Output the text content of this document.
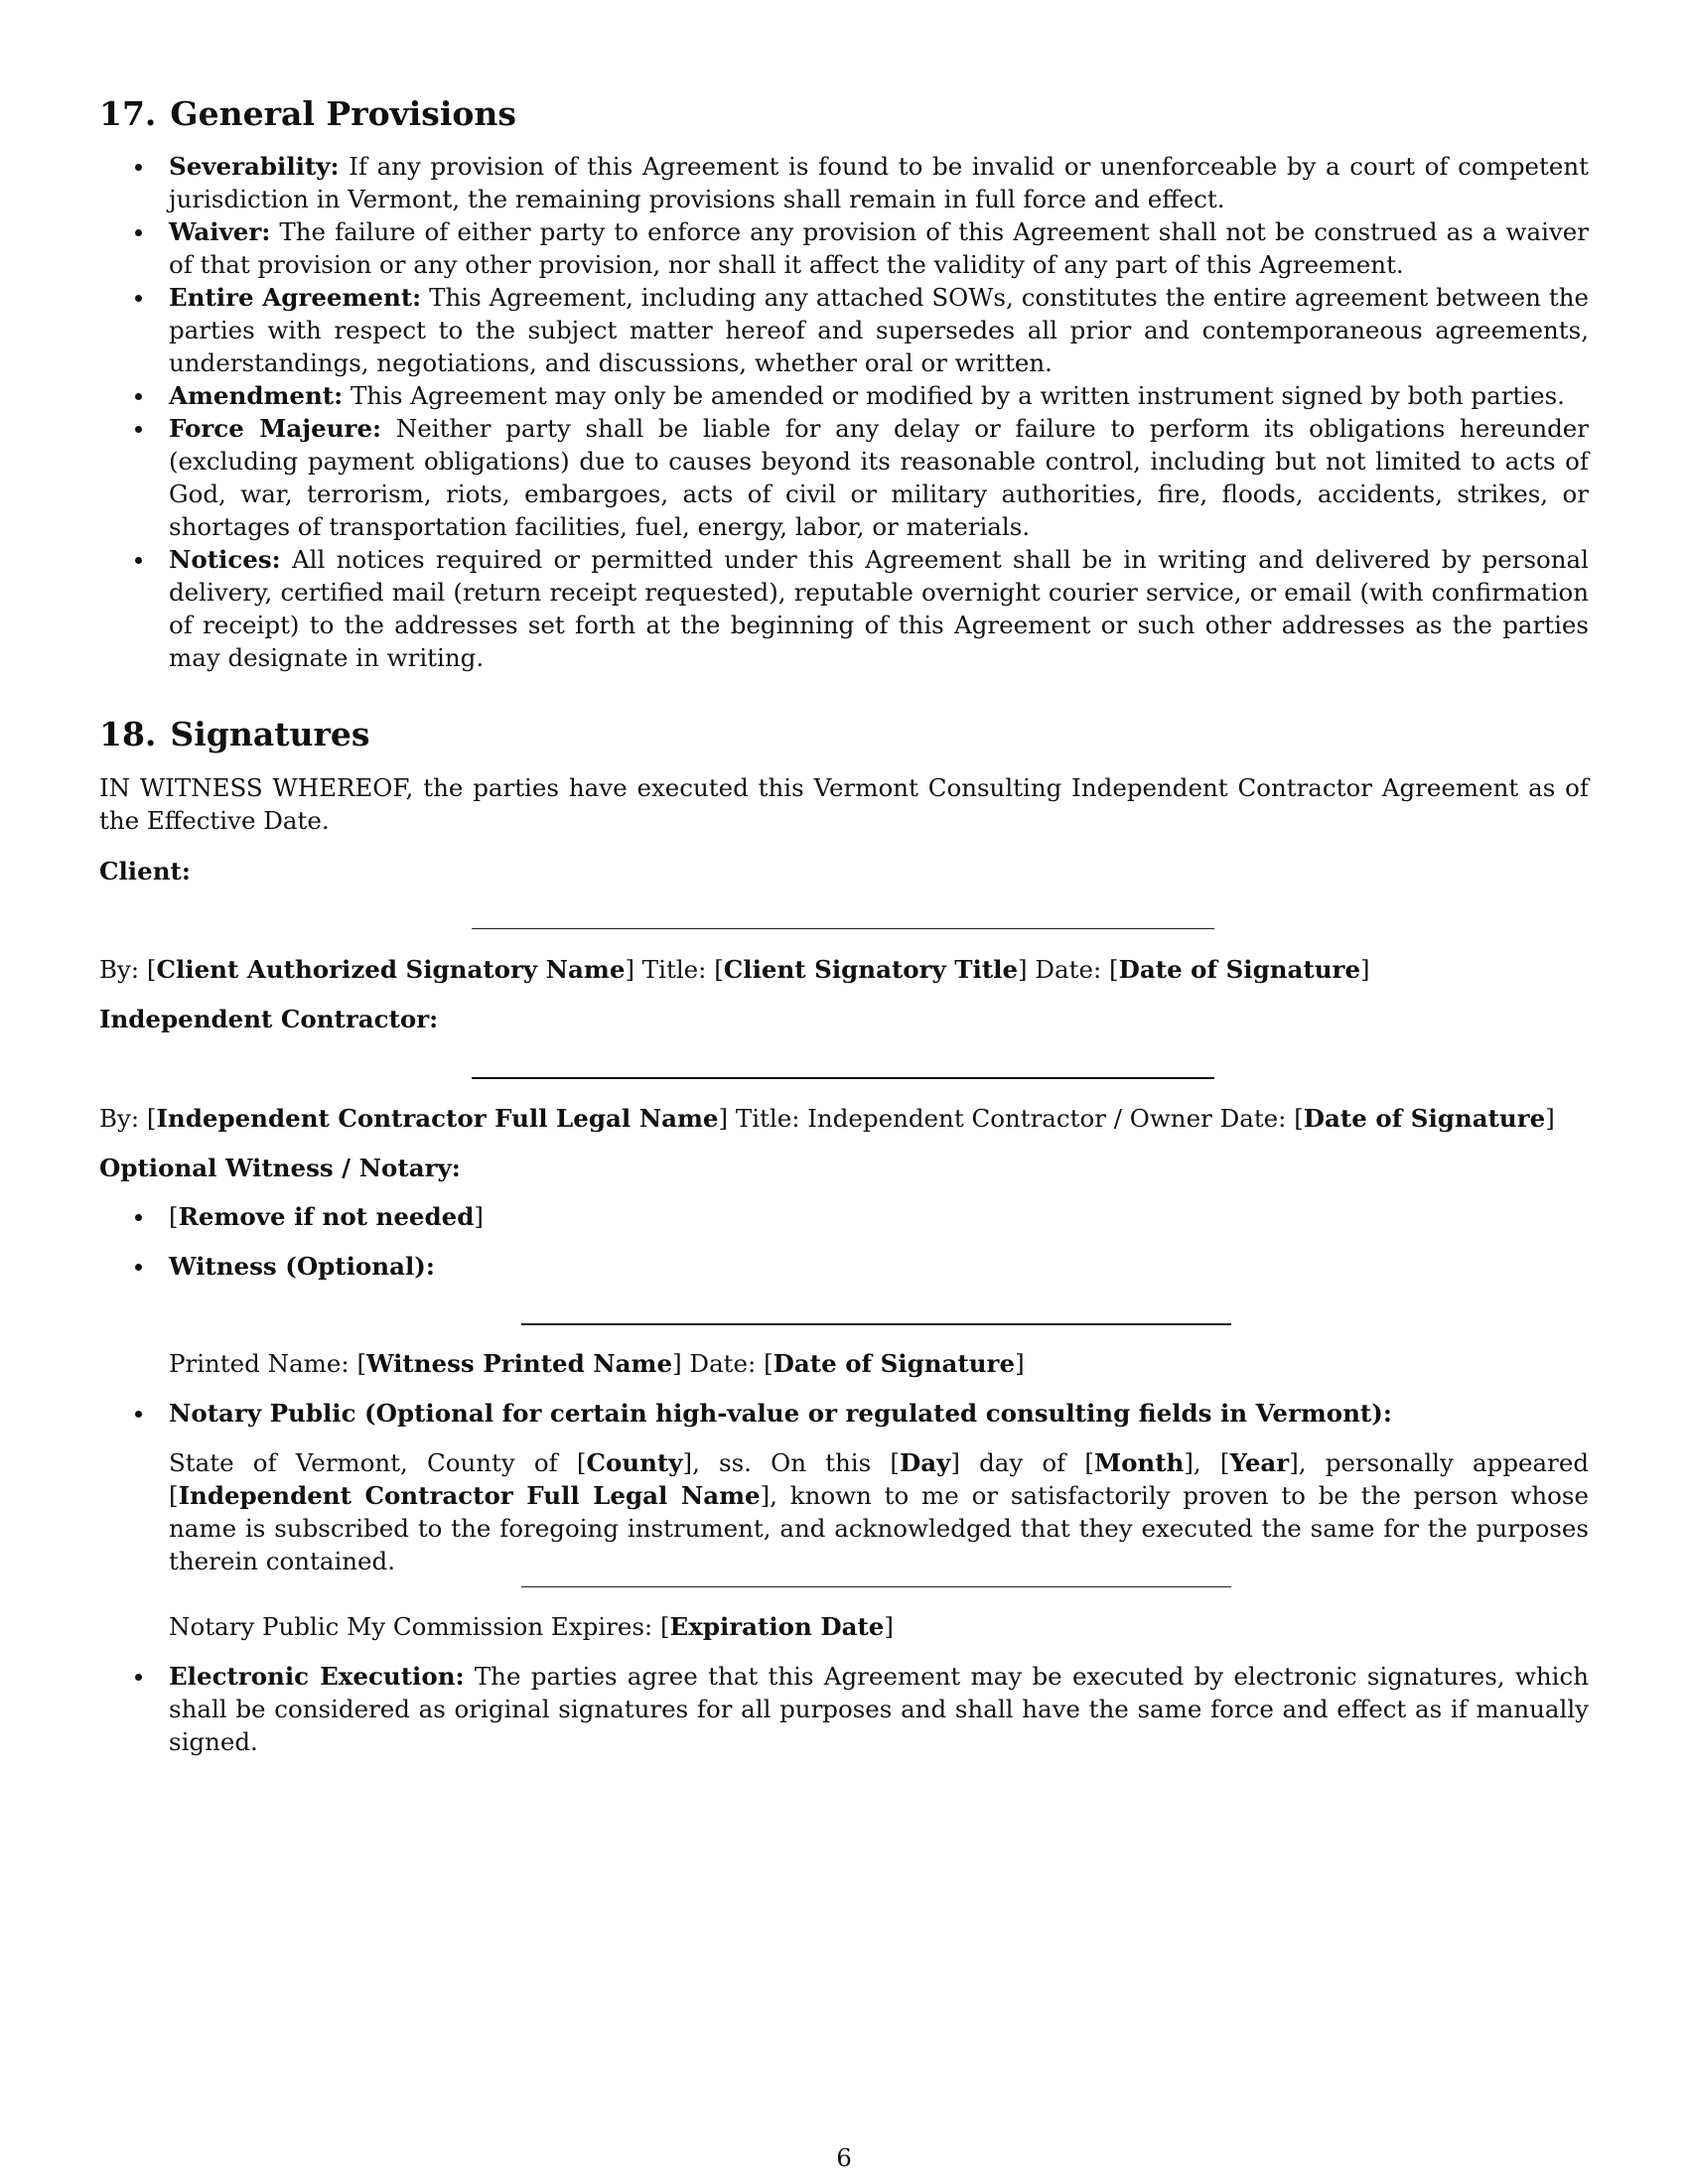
17. General Provisions
Severability: If any provision of this Agreement is found to be invalid or unenforceable by a court of competent jurisdiction in Vermont, the remaining provisions shall remain in full force and effect.
Waiver: The failure of either party to enforce any provision of this Agreement shall not be construed as a waiver of that provision or any other provision, nor shall it affect the validity of any part of this Agreement.
Entire Agreement: This Agreement, including any attached SOWs, constitutes the entire agreement between the parties with respect to the subject matter hereof and supersedes all prior and contemporaneous agreements, understandings, negotiations, and discussions, whether oral or written.
Amendment: This Agreement may only be amended or modified by a written instrument signed by both parties.
Force Majeure: Neither party shall be liable for any delay or failure to perform its obligations hereunder (excluding payment obligations) due to causes beyond its reasonable control, including but not limited to acts of God, war, terrorism, riots, embargoes, acts of civil or military authorities, fire, floods, accidents, strikes, or shortages of transportation facilities, fuel, energy, labor, or materials.
Notices: All notices required or permitted under this Agreement shall be in writing and delivered by personal delivery, certified mail (return receipt requested), reputable overnight courier service, or email (with confirmation of receipt) to the addresses set forth at the beginning of this Agreement or such other addresses as the parties may designate in writing.
18. Signatures
IN WITNESS WHEREOF, the parties have executed this Vermont Consulting Independent Contractor Agreement as of the Effective Date.
Client:
By: [Client Authorized Signatory Name] Title: [Client Signatory Title] Date: [Date of Signature]
Independent Contractor:
By: [Independent Contractor Full Legal Name] Title: Independent Contractor / Owner Date: [Date of Signature]
Optional Witness / Notary:
[Remove if not needed]
Witness (Optional):
Printed Name: [Witness Printed Name] Date: [Date of Signature]
Notary Public (Optional for certain high-value or regulated consulting fields in Vermont):
State of Vermont, County of [County], ss. On this [Day] day of [Month], [Year], personally appeared [Independent Contractor Full Legal Name], known to me or satisfactorily proven to be the person whose name is subscribed to the foregoing instrument, and acknowledged that they executed the same for the purposes therein contained.
Notary Public My Commission Expires: [Expiration Date]
Electronic Execution: The parties agree that this Agreement may be executed by electronic signatures, which shall be considered as original signatures for all purposes and shall have the same force and effect as if manually signed.
6
